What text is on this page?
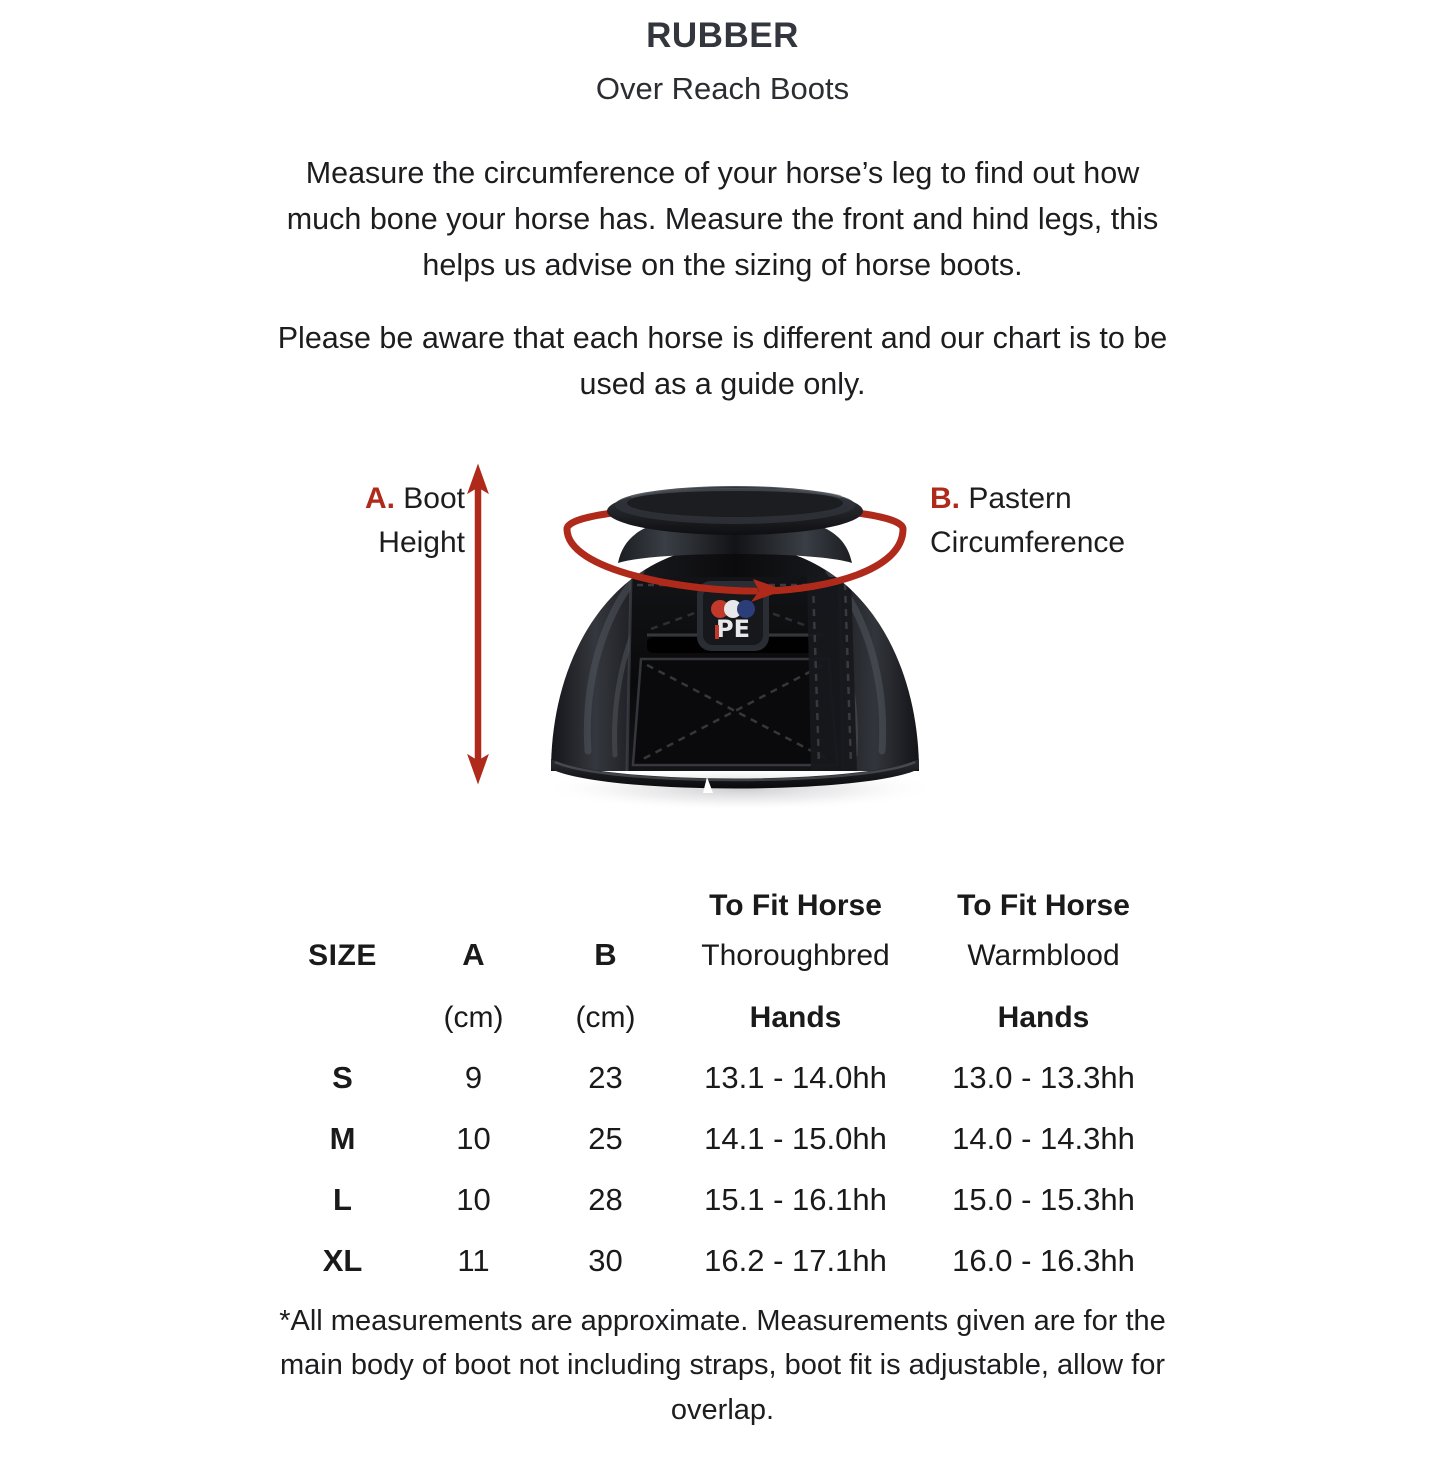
RUBBER
Over Reach Boots

Measure the circumference of your horse’s leg to find out how much bone your horse has. Measure the front and hind legs, this helps us advise on the sizing of horse boots.

Please be aware that each horse is different and our chart is to be used as a guide only.

A. Boot
Height
B. Pastern
Circumference
PE

			To Fit Horse	To Fit Horse

SIZE	A	B	Thoroughbred	Warmblood
	(cm)	(cm)	Hands	Hands
S	9	23	13.1 - 14.0hh	13.0 - 13.3hh
M	10	25	14.1 - 15.0hh	14.0 - 14.3hh
L	10	28	15.1 - 16.1hh	15.0 - 15.3hh
XL	11	30	16.2 - 17.1hh	16.0 - 16.3hh

*All measurements are approximate. Measurements given are for the main body of boot not including straps, boot fit is adjustable, allow for overlap.
